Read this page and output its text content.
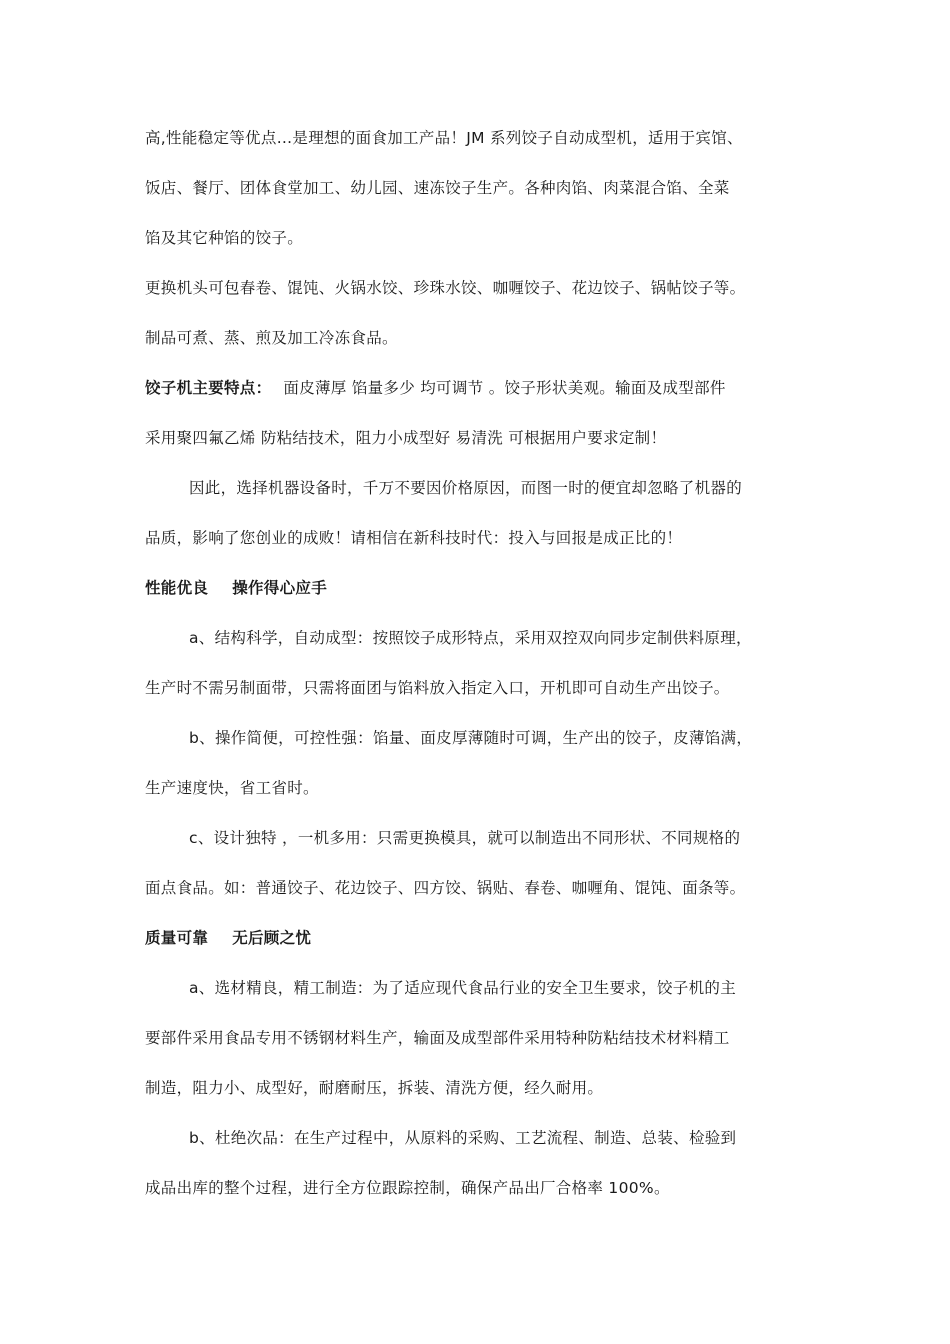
高,性能稳定等优点…是理想的面食加工产品！JM 系列饺子自动成型机，适用于宾馆、
饭店、餐厅、团体食堂加工、幼儿园、速冻饺子生产。各种肉馅、肉菜混合馅、全菜
馅及其它种馅的饺子。
更换机头可包春卷、馄饨、火锅水饺、珍珠水饺、咖喱饺子、花边饺子、锅帖饺子等。
制品可煮、蒸、煎及加工冷冻食品。
饺子机主要特点： 面皮薄厚 馅量多少 均可调节 。饺子形状美观。输面及成型部件
采用聚四氟乙烯 防粘结技术，阻力小成型好 易清洗 可根据用户要求定制！
因此，选择机器设备时，千万不要因价格原因，而图一时的便宜却忽略了机器的
品质，影响了您创业的成败！请相信在新科技时代：投入与回报是成正比的！
性能优良 操作得心应手
a、结构科学，自动成型：按照饺子成形特点，采用双控双向同步定制供料原理，
生产时不需另制面带，只需将面团与馅料放入指定入口，开机即可自动生产出饺子。
b、操作简便，可控性强：馅量、面皮厚薄随时可调，生产出的饺子，皮薄馅满，
生产速度快，省工省时。
c、设计独特 ，一机多用：只需更换模具，就可以制造出不同形状、不同规格的
面点食品。如：普通饺子、花边饺子、四方饺、锅贴、春卷、咖喱角、馄饨、面条等。
质量可靠 无后顾之忧
a、选材精良，精工制造：为了适应现代食品行业的安全卫生要求，饺子机的主
要部件采用食品专用不锈钢材料生产，输面及成型部件采用特种防粘结技术材料精工
制造，阻力小、成型好，耐磨耐压，拆装、清洗方便，经久耐用。
b、杜绝次品：在生产过程中，从原料的采购、工艺流程、制造、总装、检验到
成品出库的整个过程，进行全方位跟踪控制，确保产品出厂合格率 100%。
